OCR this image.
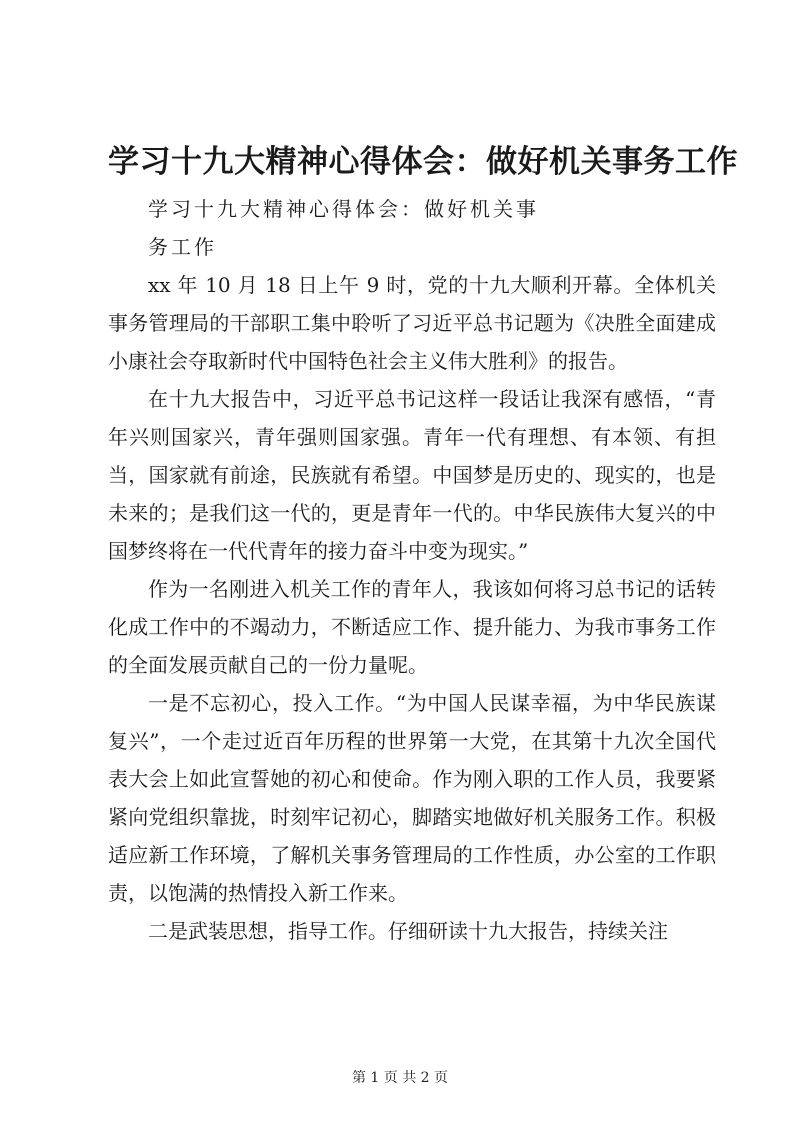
学习十九大精神心得体会：做好机关事务工作

学习十九大精神心得体会：做好机关事

务工作

xx 年 10 月 18 日上午 9 时，党的十九大顺利开幕。全体机关事务管理局的干部职工集中聆听了习近平总书记题为《决胜全面建成小康社会夺取新时代中国特色社会主义伟大胜利》的报告。

在十九大报告中，习近平总书记这样一段话让我深有感悟，“青年兴则国家兴，青年强则国家强。青年一代有理想、有本领、有担当，国家就有前途，民族就有希望。中国梦是历史的、现实的，也是未来的；是我们这一代的，更是青年一代的。中华民族伟大复兴的中国梦终将在一代代青年的接力奋斗中变为现实。”

作为一名刚进入机关工作的青年人，我该如何将习总书记的话转化成工作中的不竭动力，不断适应工作、提升能力、为我市事务工作的全面发展贡献自己的一份力量呢。

一是不忘初心，投入工作。“为中国人民谋幸福，为中华民族谋复兴”，一个走过近百年历程的世界第一大党，在其第十九次全国代表大会上如此宣誓她的初心和使命。作为刚入职的工作人员，我要紧紧向党组织靠拢，时刻牢记初心，脚踏实地做好机关服务工作。积极适应新工作环境，了解机关事务管理局的工作性质，办公室的工作职责，以饱满的热情投入新工作来。

二是武装思想，指导工作。仔细研读十九大报告，持续关注

第 1 页 共 2 页
